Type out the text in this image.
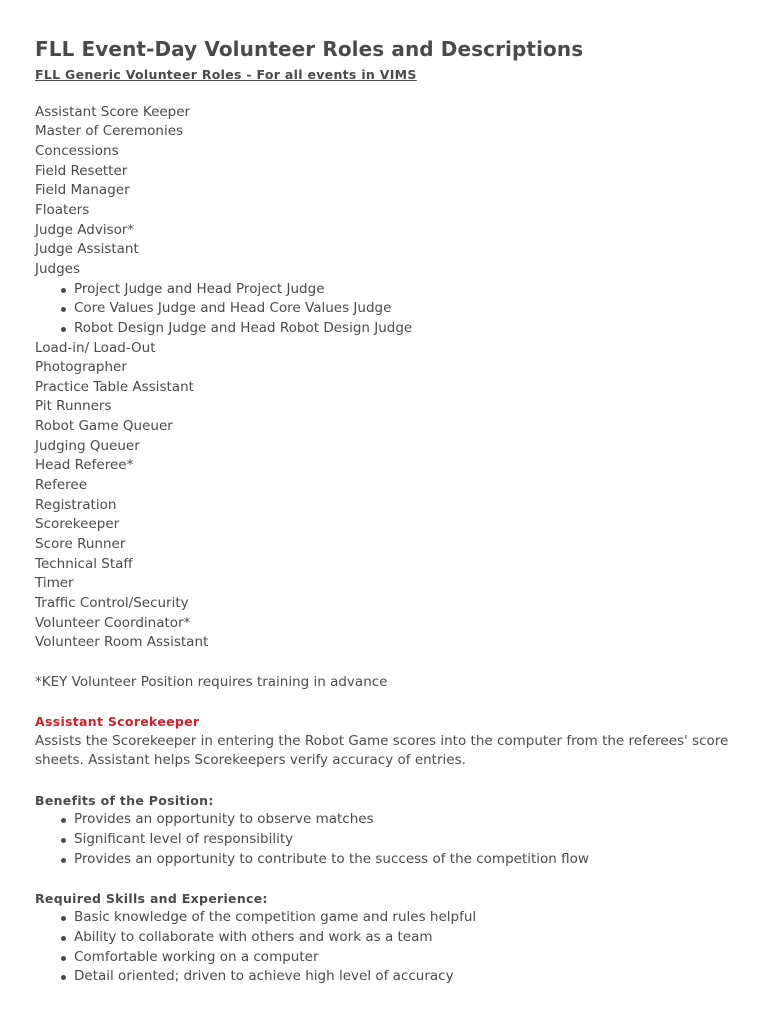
FLL Event-Day Volunteer Roles and Descriptions
FLL Generic Volunteer Roles - For all events in VIMS
Assistant Score Keeper
Master of Ceremonies
Concessions
Field Resetter
Field Manager
Floaters
Judge Advisor*
Judge Assistant
Judges
Project Judge and Head Project Judge
Core Values Judge and Head Core Values Judge
Robot Design Judge and Head Robot Design Judge
Load-in/ Load-Out
Photographer
Practice Table Assistant
Pit Runners
Robot Game Queuer
Judging Queuer
Head Referee*
Referee
Registration
Scorekeeper
Score Runner
Technical Staff
Timer
Traffic Control/Security
Volunteer Coordinator*
Volunteer Room Assistant
*KEY Volunteer Position requires training in advance
Assistant Scorekeeper

Assists the Scorekeeper in entering the Robot Game scores into the computer from the referees' score sheets. Assistant helps Scorekeepers verify accuracy of entries.

Benefits of the Position:
Provides an opportunity to observe matches
Significant level of responsibility
Provides an opportunity to contribute to the success of the competition flow
Required Skills and Experience:
Basic knowledge of the competition game and rules helpful
Ability to collaborate with others and work as a team
Comfortable working on a computer
Detail oriented; driven to achieve high level of accuracy
